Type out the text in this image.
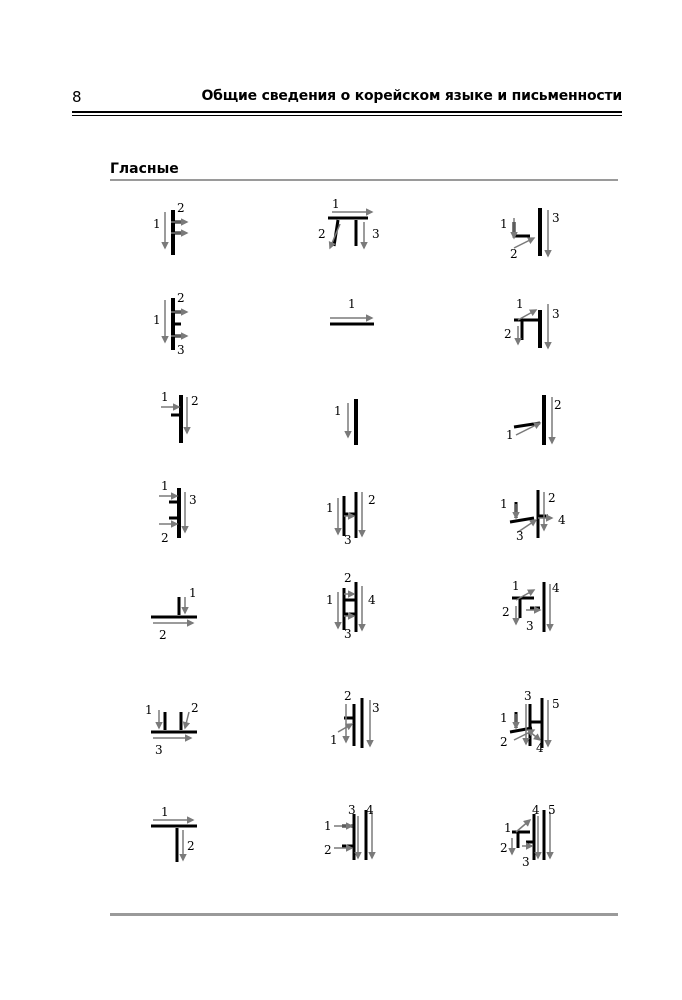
8	Общие сведения о корейском языке и письменности
Гласные
1
2	1
2	3
1
2
3
1
2
3
1	1
2
3
1 2
1
1
2
1
2
3
1
2
3
1	2
3
4
1
2
1
2
3
4
1
2
3
4
1	2
3
1
2
3
1
2
3
4
5
1
2
1
2
3 4
1
2
3
4 5
